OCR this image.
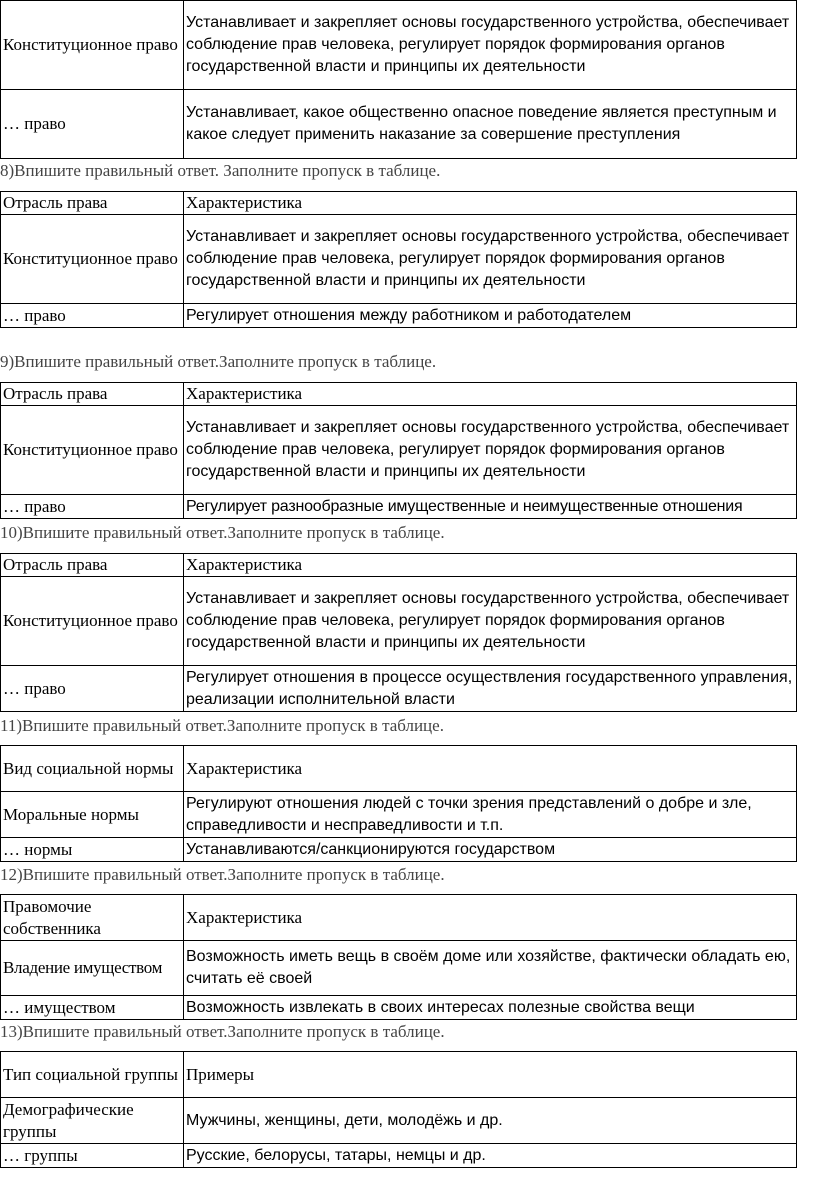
Конституционное право	Устанавливает и закрепляет основы государственного устройства, обеспечивает соблюдение прав человека, регулирует порядок формирования органов государственной власти и принципы их деятельности
… право	Устанавливает, какое общественно опасное поведение является преступным и какое следует применить наказание за совершение преступления
8)Впишите правильный ответ. Заполните пропуск в таблице.
Отрасль права	Характеристика
Конституционное право	Устанавливает и закрепляет основы государственного устройства, обеспечивает соблюдение прав человека, регулирует порядок формирования органов государственной власти и принципы их деятельности
… право	Регулирует отношения между работником и работодателем
9)Впишите правильный ответ.Заполните пропуск в таблице.
Отрасль права	Характеристика
Конституционное право	Устанавливает и закрепляет основы государственного устройства, обеспечивает соблюдение прав человека, регулирует порядок формирования органов государственной власти и принципы их деятельности
… право	Регулирует разнообразные имущественные и неимущественные отношения
10)Впишите правильный ответ.Заполните пропуск в таблице.
Отрасль права	Характеристика
Конституционное право	Устанавливает и закрепляет основы государственного устройства, обеспечивает соблюдение прав человека, регулирует порядок формирования органов государственной власти и принципы их деятельности
… право	Регулирует отношения в процессе осуществления государственного управления, реализации исполнительной власти
11)Впишите правильный ответ.Заполните пропуск в таблице.
Вид социальной нормы	Характеристика
Моральные нормы	Регулируют отношения людей с точки зрения представлений о добре и зле, справедливости и несправедливости и т.п.
… нормы	Устанавливаются/санкционируются государством
12)Впишите правильный ответ.Заполните пропуск в таблице.
Правомочие собственника	Характеристика
Владение имуществом	Возможность иметь вещь в своём доме или хозяйстве, фактически обладать ею, считать её своей
… имуществом	Возможность извлекать в своих интересах полезные свойства вещи
13)Впишите правильный ответ.Заполните пропуск в таблице.
Тип социальной группы	Примеры
Демографические группы	Мужчины, женщины, дети, молодёжь и др.
… группы	Русские, белорусы, татары, немцы и др.
